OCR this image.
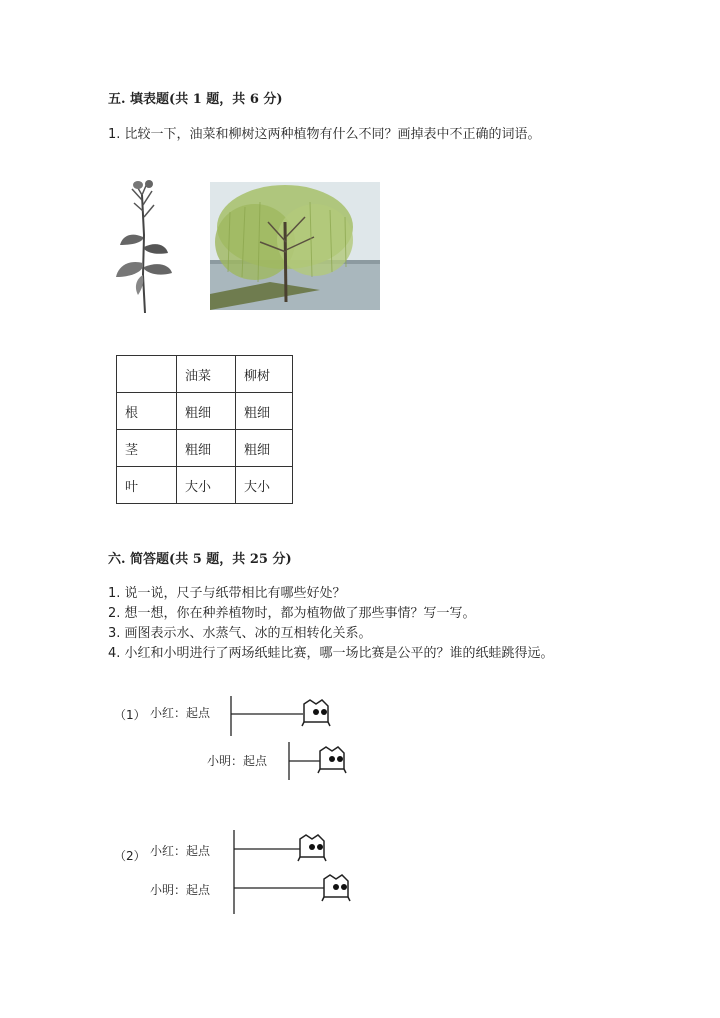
五. 填表题(共 1 题，共 6 分)
1. 比较一下，油菜和柳树这两种植物有什么不同？画掉表中不正确的词语。
	油菜	柳树
根	粗细	粗细
茎	粗细	粗细
叶	大小	大小
六. 简答题(共 5 题，共 25 分)
1. 说一说，尺子与纸带相比有哪些好处？
2. 想一想，你在种养植物时，都为植物做了那些事情？写一写。
3. 画图表示水、水蒸气、冰的互相转化关系。
4. 小红和小明进行了两场纸蛙比赛，哪一场比赛是公平的？谁的纸蛙跳得远。
（1） 小红：起点
小明：起点
（2） 小红：起点
小明：起点
